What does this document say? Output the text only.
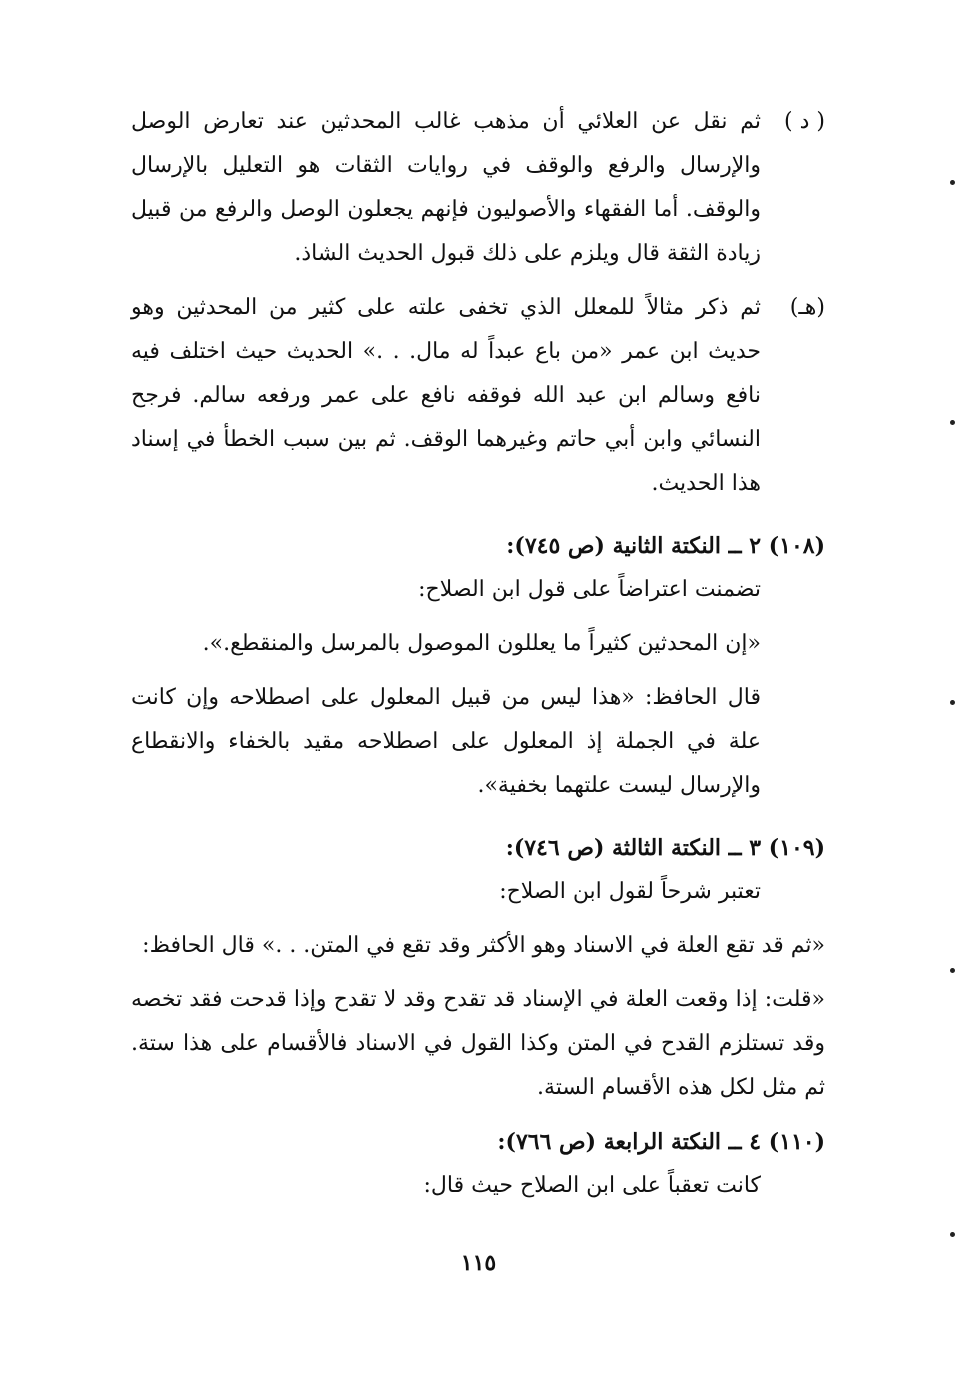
( د )
ثم نقل عن العلائي أن مذهب غالب المحدثين عند تعارض الوصل والإرسال والرفع والوقف في روايات الثقات هو التعليل بالإرسال والوقف. أما الفقهاء والأصوليون فإنهم يجعلون الوصل والرفع من قبيل زيادة الثقة قال ويلزم على ذلك قبول الحديث الشاذ.
(هـ)
ثم ذكر مثالاً للمعلل الذي تخفى علته على كثير من المحدثين وهو حديث ابن عمر «من باع عبداً له مال. . .» الحديث حيث اختلف فيه نافع وسالم ابن عبد الله فوقفه نافع على عمر ورفعه سالم. فرجح النسائي وابن أبي حاتم وغيرهما الوقف. ثم بين سبب الخطأ في إسناد هذا الحديث.
(١٠٨) ٢ ــ النكتة الثانية (ص ٧٤٥):
تضمنت اعتراضاً على قول ابن الصلاح:
«إن المحدثين كثيراً ما يعللون الموصول بالمرسل والمنقطع.».
قال الحافظ: «هذا ليس من قبيل المعلول على اصطلاحه وإن كانت علة في الجملة إذ المعلول على اصطلاحه مقيد بالخفاء والانقطاع والإرسال ليست علتهما بخفية».
(١٠٩) ٣ ــ النكتة الثالثة (ص ٧٤٦):
تعتبر شرحاً لقول ابن الصلاح:
«ثم قد تقع العلة في الاسناد وهو الأكثر وقد تقع في المتن. . .» قال الحافظ:
«قلت: إذا وقعت العلة في الإسناد قد تقدح وقد لا تقدح وإذا قدحت فقد تخصه وقد تستلزم القدح في المتن وكذا القول في الاسناد فالأقسام على هذا ستة. ثم مثل لكل هذه الأقسام الستة.
(١١٠) ٤ ــ النكتة الرابعة (ص ٧٦٦):
كانت تعقباً على ابن الصلاح حيث قال:
١١٥
